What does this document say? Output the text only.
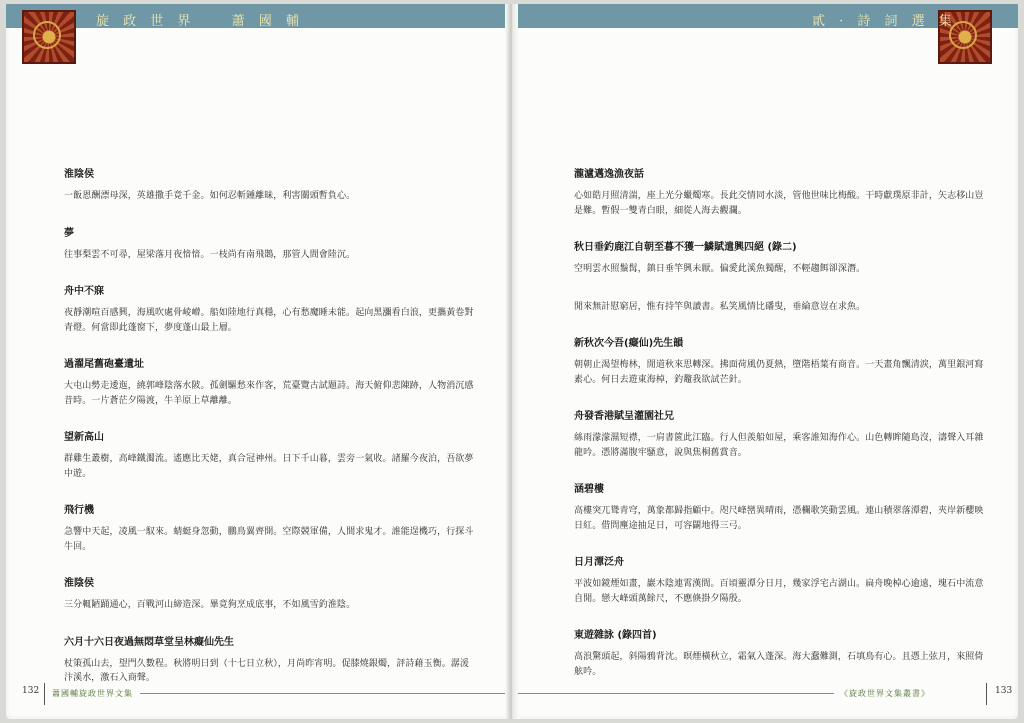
旋 政 世 界 　 蕭 國 輔	貳 · 詩 詞 選 集
淮陰侯

一飯恩酬漂母深，英雄撒手竟千金。如何忍斬鍾離昧，利害關頭暫負心。

夢

往事梨雲不可尋，屋梁落月夜愔愔。一枝尚有南飛鵲，那管人間會陸沉。

舟中不寐

夜靜潮喧百感興，海風吹處骨崚嶒。船如陸地行真穩，心有愁魔睡未能。起向黑瀰看白浪，更攜黃卷對青燈。何當即此蓬窗下，夢度蓬山最上層。

過濯尾舊砲臺遺址

大屯山勢走逶迤，繞郭峰陰落水陂。孤劍驅愁來作客，荒臺覽古試題詩。海天俯仰悲陳跡，人物消沉感昔時。一片蒼茫夕陽渡，牛羊原上草離離。

望新高山

群雞生叢樹，高峰鐵濁流。遙應比天姥，真合冠神州。日下千山暮，雲旁一氣收。諸羅今夜泊，吾欲夢中遊。

飛行機

急響中天起，凌風一馭來。蜻蜓身忽動，鵬鳥翼齊開。空際競軍備，人間求鬼才。誰能逞機巧，行探斗牛回。

淮陰侯

三分輒陋踊通心，百戰河山締造深。畢竟狗烹成底事，不如風雪釣淮陰。

六月十六日夜過無悶草堂呈林癡仙先生

杖策孤山去，望門久數程。秋將明日到（十七日立秋），月尚昨宵明。促膝燒銀燭，評詩藉玉衡。潺湲汴溪水，激石入商聲。

瀧瀘邁逸漁夜話

心如皓月照清湍，座上光分蠟燭寒。長此交情同水淡，管他世味比梅酸。干時獻璞原非計，矢志移山豈是難。暫假一雙青白眼，細從人海去觀瀾。

秋日垂釣鹿江自朝至暮不獲一鱗賦遣興四絕 (錄二)

空明雲水照鬚髯，鎮日垂竿興未厭。偏愛此溪魚獨醒，不輕趨餌卻深潛。

閒來無計慰窮居，惟有持竿與讀書。私笑風情比磻叟，垂綸意豈在求魚。

新秋次今吾(癡仙)先生韻

朝朝止渴望梅林，閒道秋來思轉深。拂面荷風仍夏熱，墮階梧葉有商音。一天畫角飄清淚，萬里銀河寫素心。何日去遊東海棹，釣鼇我欲試芒針。

舟發香港賦呈灌園社兄

絲雨濛濛濕短襟，一肩書篋此江臨。行人但羨船如屋，乘客誰知海作心。山色轉眸隨島沒，濤聲入耳雜龍吟。憑將滿腹牢騷意，說與焦桐舊賞音。

涵碧樓

高樓突兀聳青穹，萬象都歸指顧中。咫尺峰巒異晴雨，憑欄歌笑動雲風。連山積翠落潭碧，夾岸新櫻映日紅。借問塵途抽足日，可容闢地得三弓。

日月潭泛舟

平波如鏡煙如畫，巖木陰連霄漢間。百頃靈潭分日月，幾家浮宅占湖山。扁舟晚棹心逾遠，塊石中流意自閒。戀大峰頭萬餘尺，不應倏掛夕陽殷。

東遊雜詠 (錄四首)

高浪驚頭起，斜陽鴉背沈。暝煙橫秋立，霜氣入蓬深。海大蠢難測，石填鳥有心。且憑上弦月，來照倚舷吟。

132	133
蕭國輔旋政世界文集	《旋政世界文集叢書》
